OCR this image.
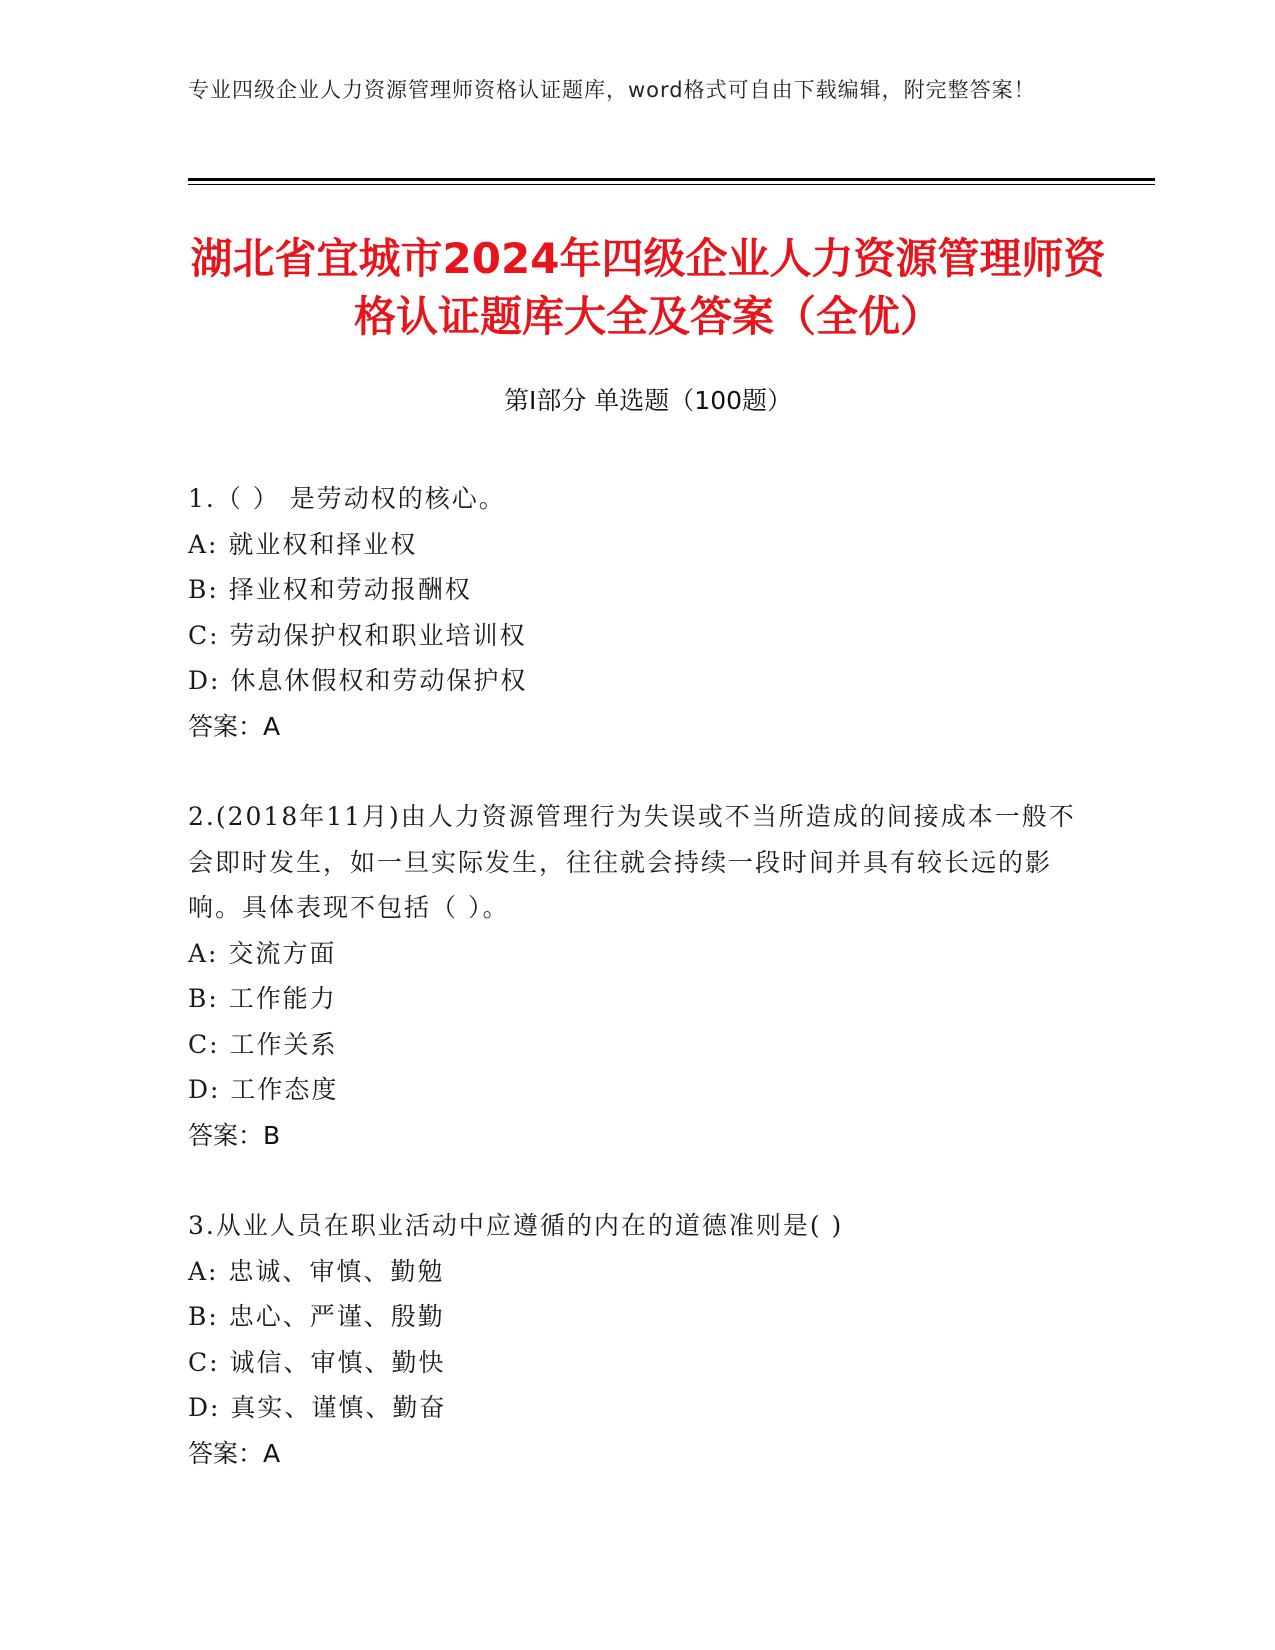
专业四级企业人力资源管理师资格认证题库，word格式可自由下载编辑，附完整答案！
湖北省宜城市2024年四级企业人力资源管理师资格认证题库大全及答案（全优）
第Ⅰ部分 单选题（100题）

1.（ ） 是劳动权的核心。

A: 就业权和择业权

B: 择业权和劳动报酬权

C: 劳动保护权和职业培训权

D: 休息休假权和劳动保护权

答案：A

2.(2018年11月)由人力资源管理行为失误或不当所造成的间接成本一般不会即时发生，如一旦实际发生，往往就会持续一段时间并具有较长远的影响。具体表现不包括（ ）。

A: 交流方面

B: 工作能力

C: 工作关系

D: 工作态度

答案：B

3.从业人员在职业活动中应遵循的内在的道德准则是( )

A: 忠诚、审慎、勤勉

B: 忠心、严谨、殷勤

C: 诚信、审慎、勤快

D: 真实、谨慎、勤奋

答案：A
